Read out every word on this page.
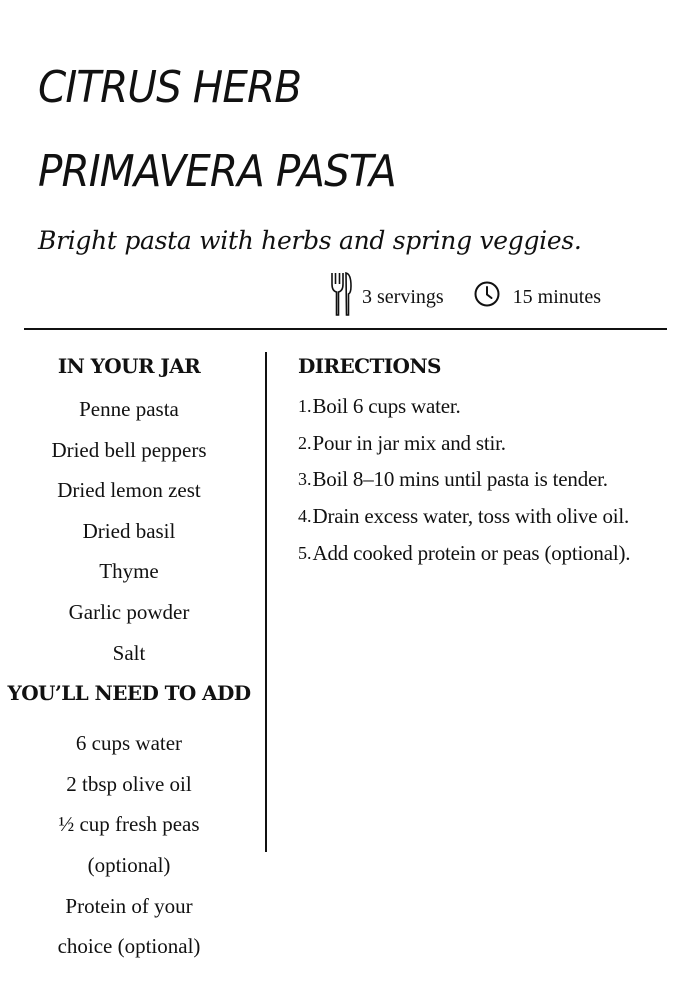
CITRUS HERB
PRIMAVERA PASTA

Bright pasta with herbs and spring veggies.

3 servings	15 minutes
IN YOUR JAR
Penne pasta
Dried bell peppers
Dried lemon zest
Dried basil
Thyme
Garlic powder
Salt
YOU’LL NEED TO ADD
6 cups water
2 tbsp olive oil
½ cup fresh peas
(optional)
Protein of your
choice (optional)
DIRECTIONS
1. Boil 6 cups water.
2. Pour in jar mix and stir.
3. Boil 8–10 mins until pasta is tender.
4. Drain excess water, toss with olive oil.
5. Add cooked protein or peas (optional).
